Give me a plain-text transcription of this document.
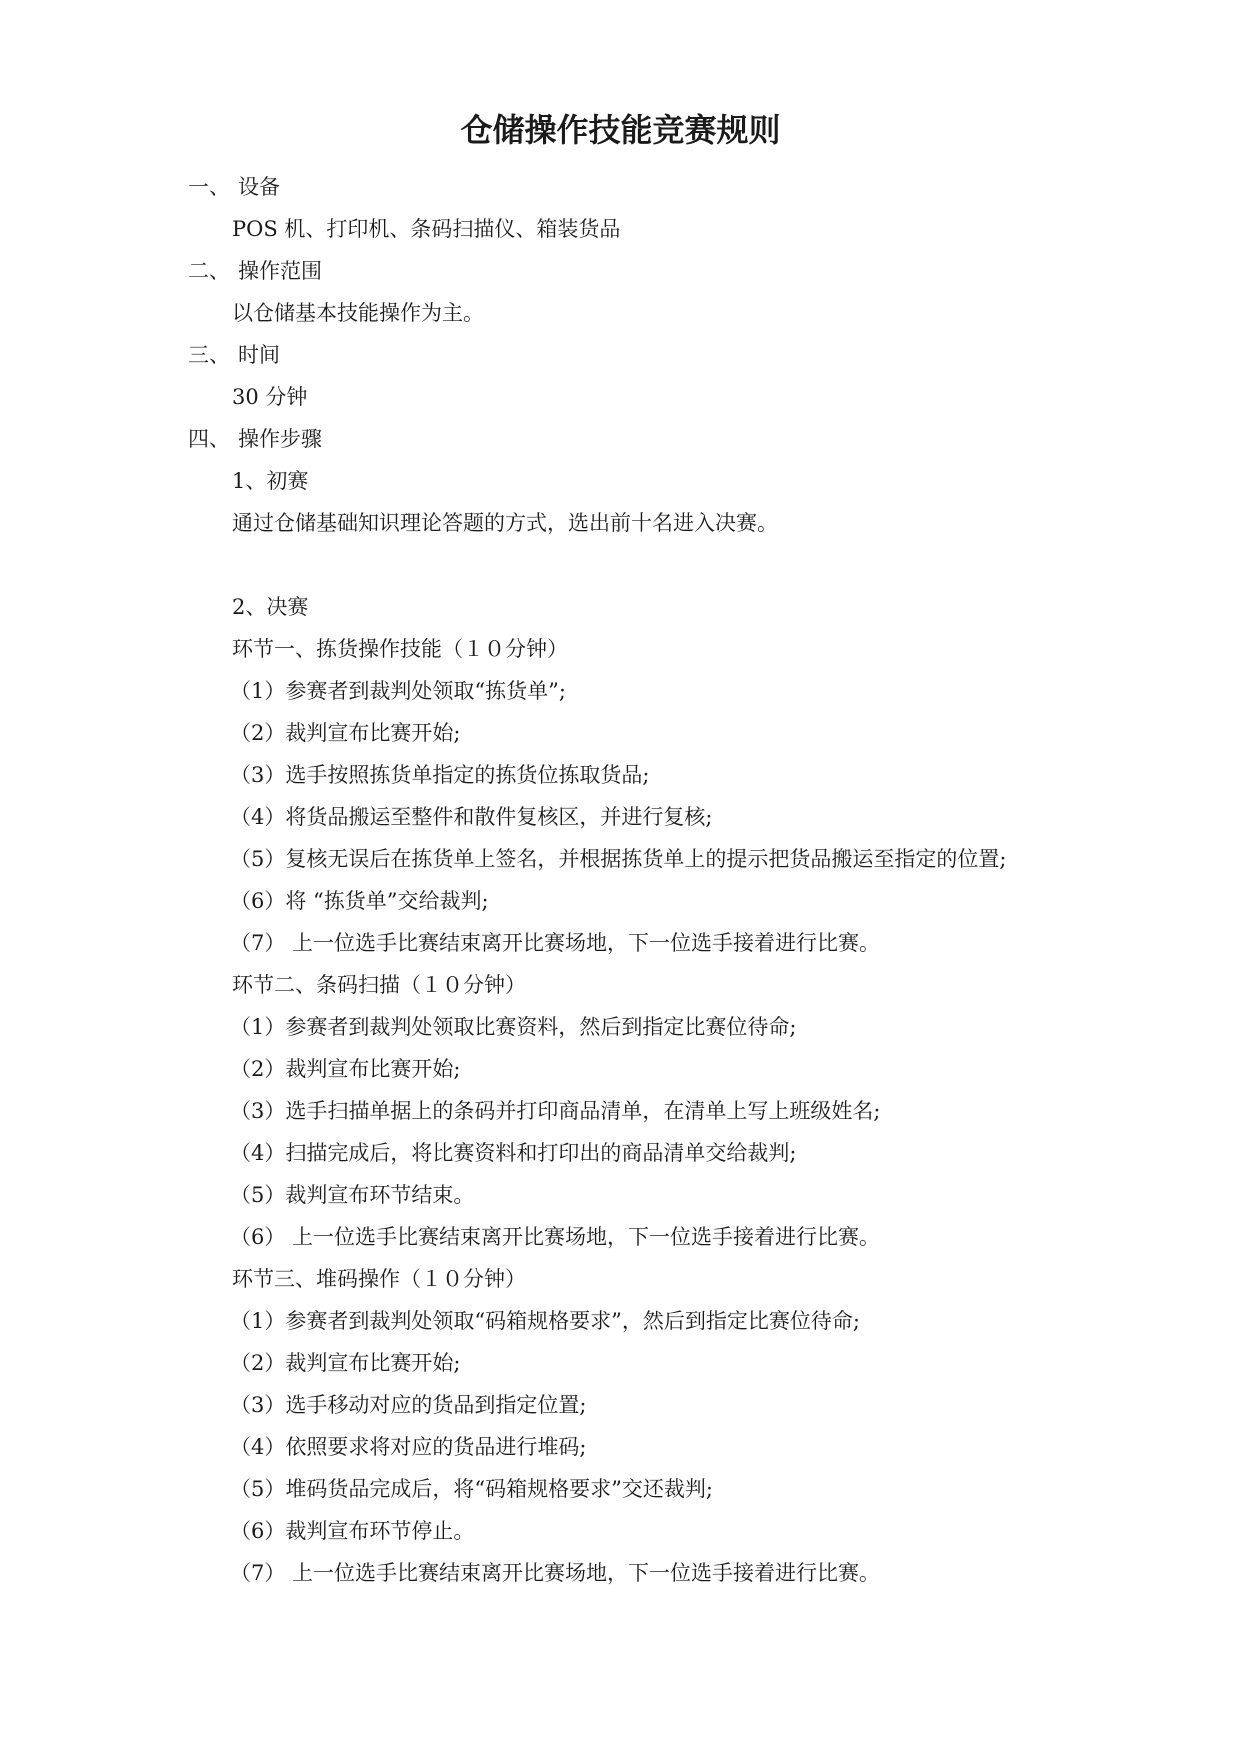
仓储操作技能竞赛规则
一、 设备
POS 机、打印机、条码扫描仪、箱装货品
二、 操作范围
以仓储基本技能操作为主。
三、 时间
30 分钟
四、 操作步骤
1、初赛
通过仓储基础知识理论答题的方式，选出前十名进入决赛。
2、决赛
环节一、拣货操作技能（１０分钟）
（1）参赛者到裁判处领取“拣货单”;
（2）裁判宣布比赛开始;
（3）选手按照拣货单指定的拣货位拣取货品;
（4）将货品搬运至整件和散件复核区，并进行复核;
（5）复核无误后在拣货单上签名，并根据拣货单上的提示把货品搬运至指定的位置;
（6）将 “拣货单”交给裁判;
（7） 上一位选手比赛结束离开比赛场地，下一位选手接着进行比赛。
环节二、条码扫描（１０分钟）
（1）参赛者到裁判处领取比赛资料，然后到指定比赛位待命;
（2）裁判宣布比赛开始;
（3）选手扫描单据上的条码并打印商品清单，在清单上写上班级姓名;
（4）扫描完成后，将比赛资料和打印出的商品清单交给裁判;
（5）裁判宣布环节结束。
（6） 上一位选手比赛结束离开比赛场地，下一位选手接着进行比赛。
环节三、堆码操作（１０分钟）
（1）参赛者到裁判处领取“码箱规格要求”，然后到指定比赛位待命;
（2）裁判宣布比赛开始;
（3）选手移动对应的货品到指定位置;
（4）依照要求将对应的货品进行堆码;
（5）堆码货品完成后，将“码箱规格要求”交还裁判;
（6）裁判宣布环节停止。
（7） 上一位选手比赛结束离开比赛场地，下一位选手接着进行比赛。
